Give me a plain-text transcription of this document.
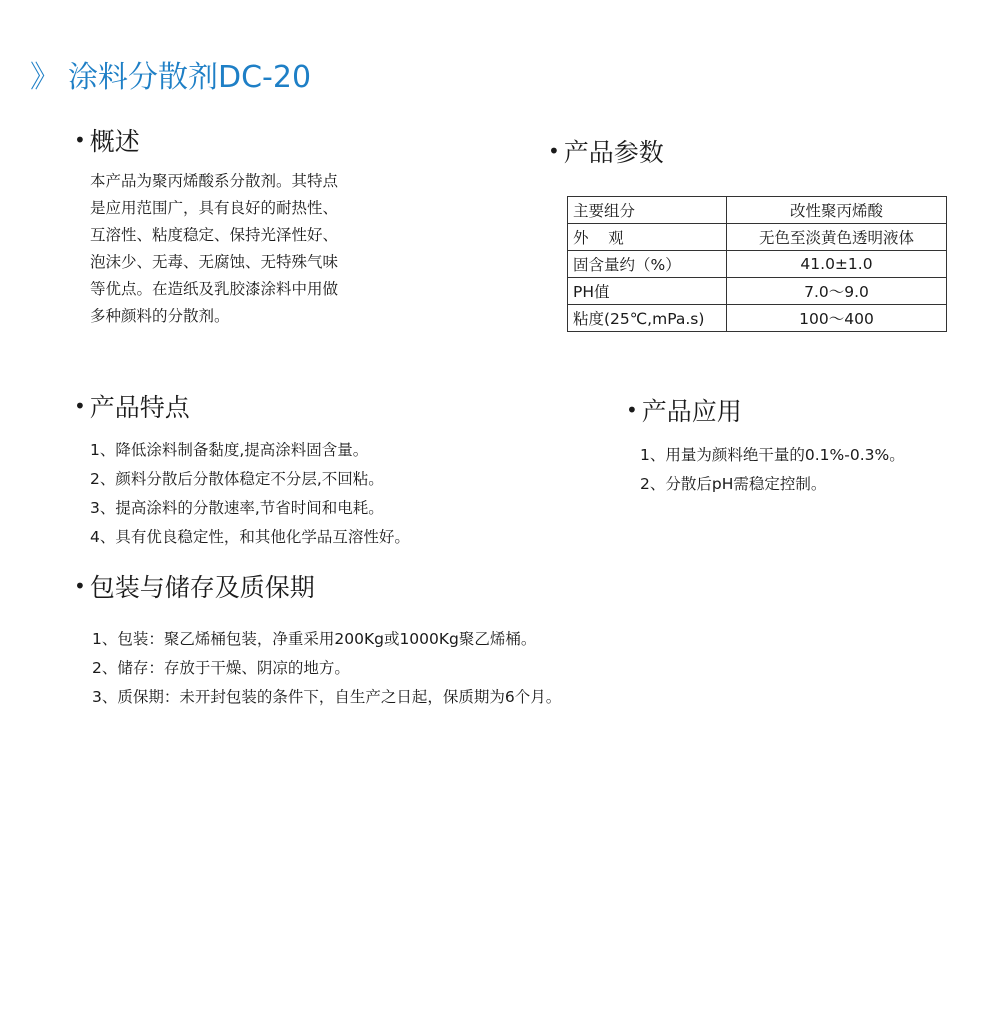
》 涂料分散剂DC-20
• 概述
本产品为聚丙烯酸系分散剂。其特点
是应用范围广，具有良好的耐热性、
互溶性、粘度稳定、保持光泽性好、
泡沫少、无毒、无腐蚀、无特殊气味
等优点。在造纸及乳胶漆涂料中用做
多种颜料的分散剂。
• 产品参数
主要组分	改性聚丙烯酸
外    观	无色至淡黄色透明液体
固含量约（%）	41.0±1.0
PH值	7.0～9.0
粘度(25℃,mPa.s)	100～400
• 产品特点
1、降低涂料制备黏度,提高涂料固含量。
2、颜料分散后分散体稳定不分层,不回粘。
3、提高涂料的分散速率,节省时间和电耗。
4、具有优良稳定性，和其他化学品互溶性好。
• 产品应用
1、用量为颜料绝干量的0.1%-0.3%。
2、分散后pH需稳定控制。
• 包装与储存及质保期
1、包装：聚乙烯桶包装，净重采用200Kg或1000Kg聚乙烯桶。
2、储存：存放于干燥、阴凉的地方。
3、质保期：未开封包装的条件下，自生产之日起，保质期为6个月。
